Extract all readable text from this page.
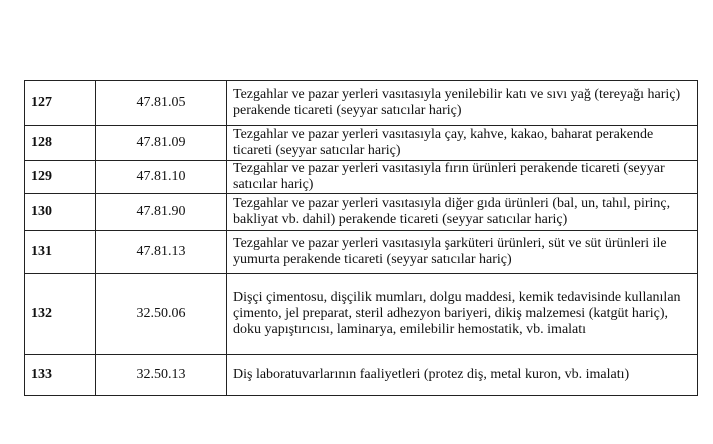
127	47.81.05	Tezgahlar ve pazar yerleri vasıtasıyla yenilebilir katı ve sıvı yağ (tereyağı hariç) perakende ticareti (seyyar satıcılar hariç)

128	47.81.09	Tezgahlar ve pazar yerleri vasıtasıyla çay, kahve, kakao, baharat perakende ticareti (seyyar satıcılar hariç)

129	47.81.10	Tezgahlar ve pazar yerleri vasıtasıyla fırın ürünleri perakende ticareti (seyyar satıcılar hariç)

130	47.81.90	Tezgahlar ve pazar yerleri vasıtasıyla diğer gıda ürünleri (bal, un, tahıl, pirinç, bakliyat vb. dahil) perakende ticareti (seyyar satıcılar hariç)

131	47.81.13	Tezgahlar ve pazar yerleri vasıtasıyla şarküteri ürünleri, süt ve süt ürünleri ile yumurta perakende ticareti (seyyar satıcılar hariç)

132	32.50.06	Dişçi çimentosu, dişçilik mumları, dolgu maddesi, kemik tedavisinde kullanılan çimento, jel preparat, steril adhezyon bariyeri, dikiş malzemesi (katgüt hariç), doku yapıştırıcısı, laminarya, emilebilir hemostatik, vb. imalatı

133	32.50.13	Diş laboratuvarlarının faaliyetleri (protez diş, metal kuron, vb. imalatı)
